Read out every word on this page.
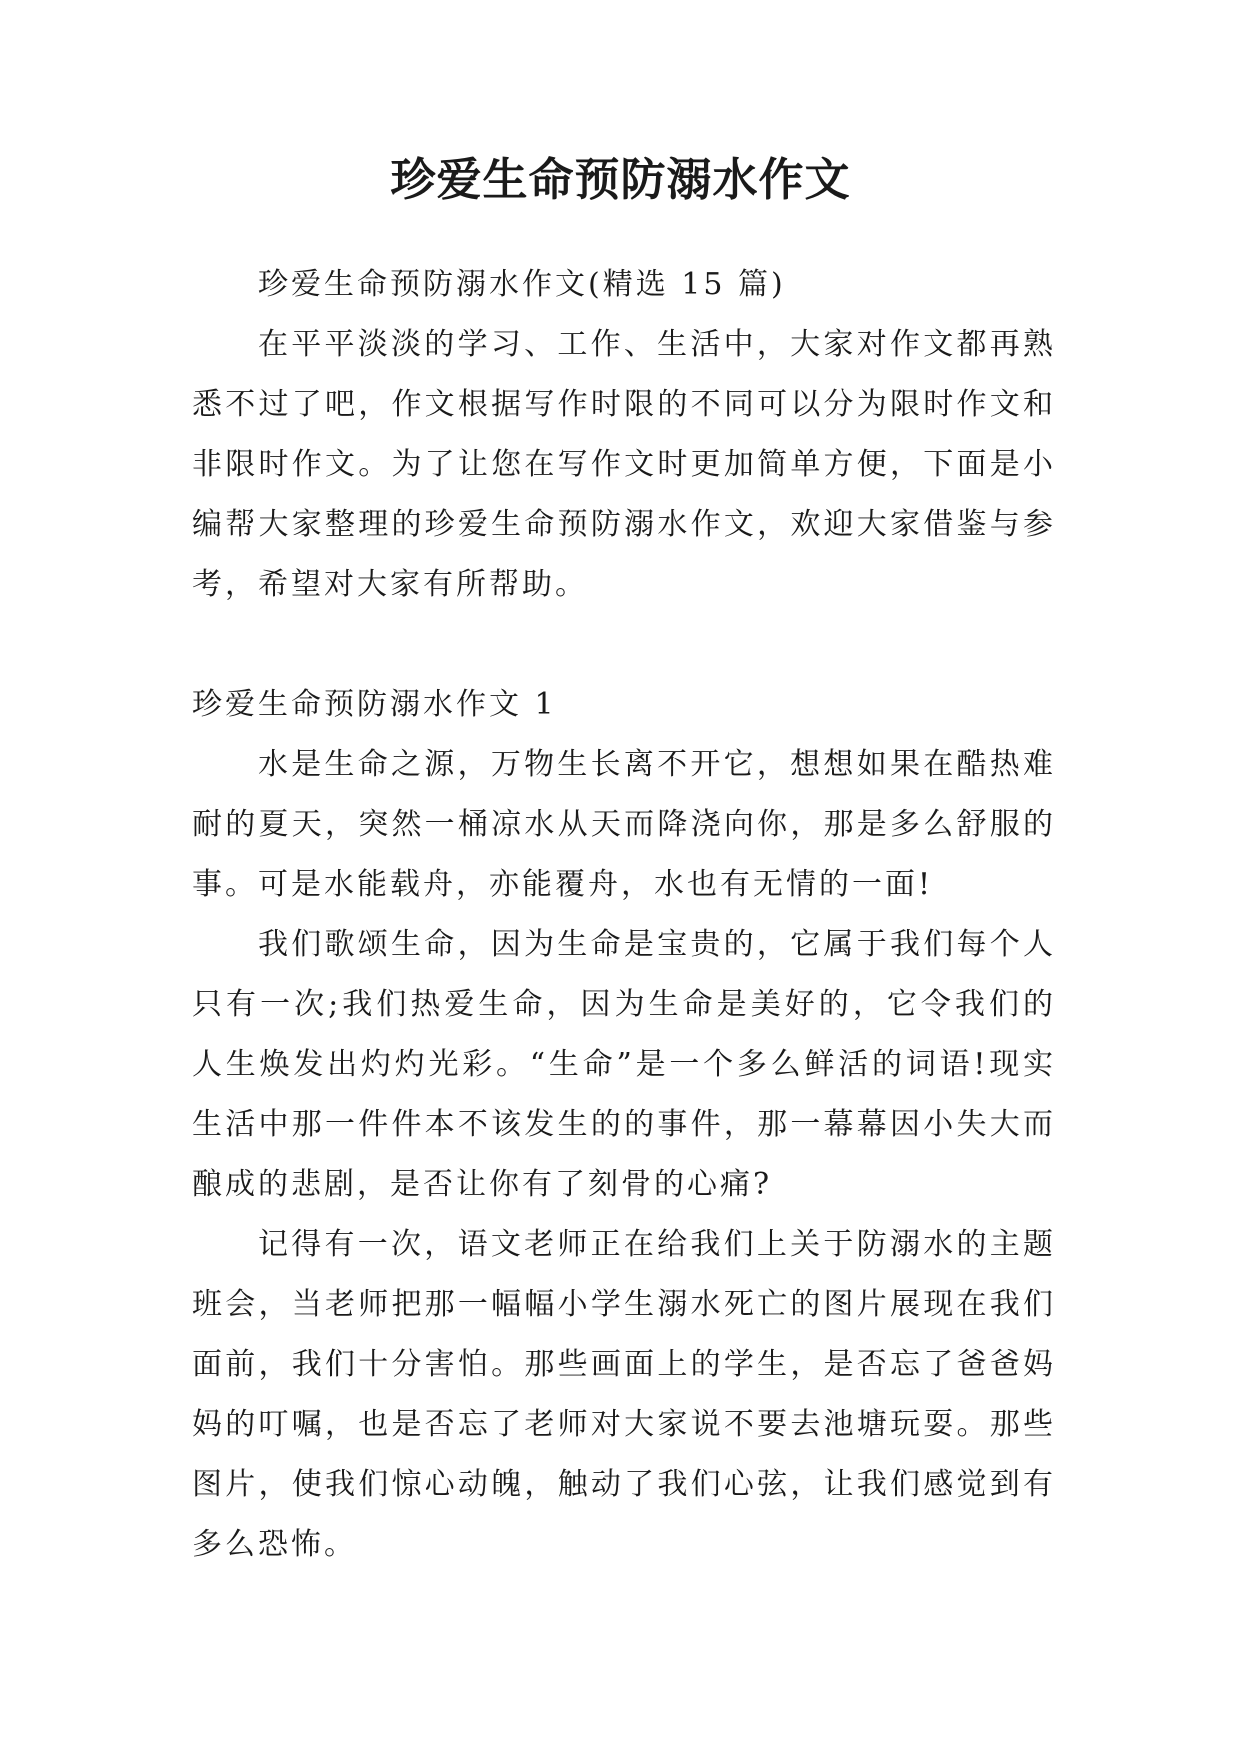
珍爱生命预防溺水作文

珍爱生命预防溺水作文(精选 15 篇)

在平平淡淡的学习、工作、生活中，大家对作文都再熟悉不过了吧，作文根据写作时限的不同可以分为限时作文和非限时作文。为了让您在写作文时更加简单方便，下面是小编帮大家整理的珍爱生命预防溺水作文，欢迎大家借鉴与参考，希望对大家有所帮助。

珍爱生命预防溺水作文 1

水是生命之源，万物生长离不开它，想想如果在酷热难耐的夏天，突然一桶凉水从天而降浇向你，那是多么舒服的事。可是水能载舟，亦能覆舟，水也有无情的一面!

我们歌颂生命，因为生命是宝贵的，它属于我们每个人只有一次;我们热爱生命，因为生命是美好的，它令我们的人生焕发出灼灼光彩。“生命”是一个多么鲜活的词语!现实生活中那一件件本不该发生的的事件，那一幕幕因小失大而酿成的悲剧，是否让你有了刻骨的心痛?

记得有一次，语文老师正在给我们上关于防溺水的主题班会，当老师把那一幅幅小学生溺水死亡的图片展现在我们面前，我们十分害怕。那些画面上的学生，是否忘了爸爸妈妈的叮嘱，也是否忘了老师对大家说不要去池塘玩耍。那些图片，使我们惊心动魄，触动了我们心弦，让我们感觉到有多么恐怖。
